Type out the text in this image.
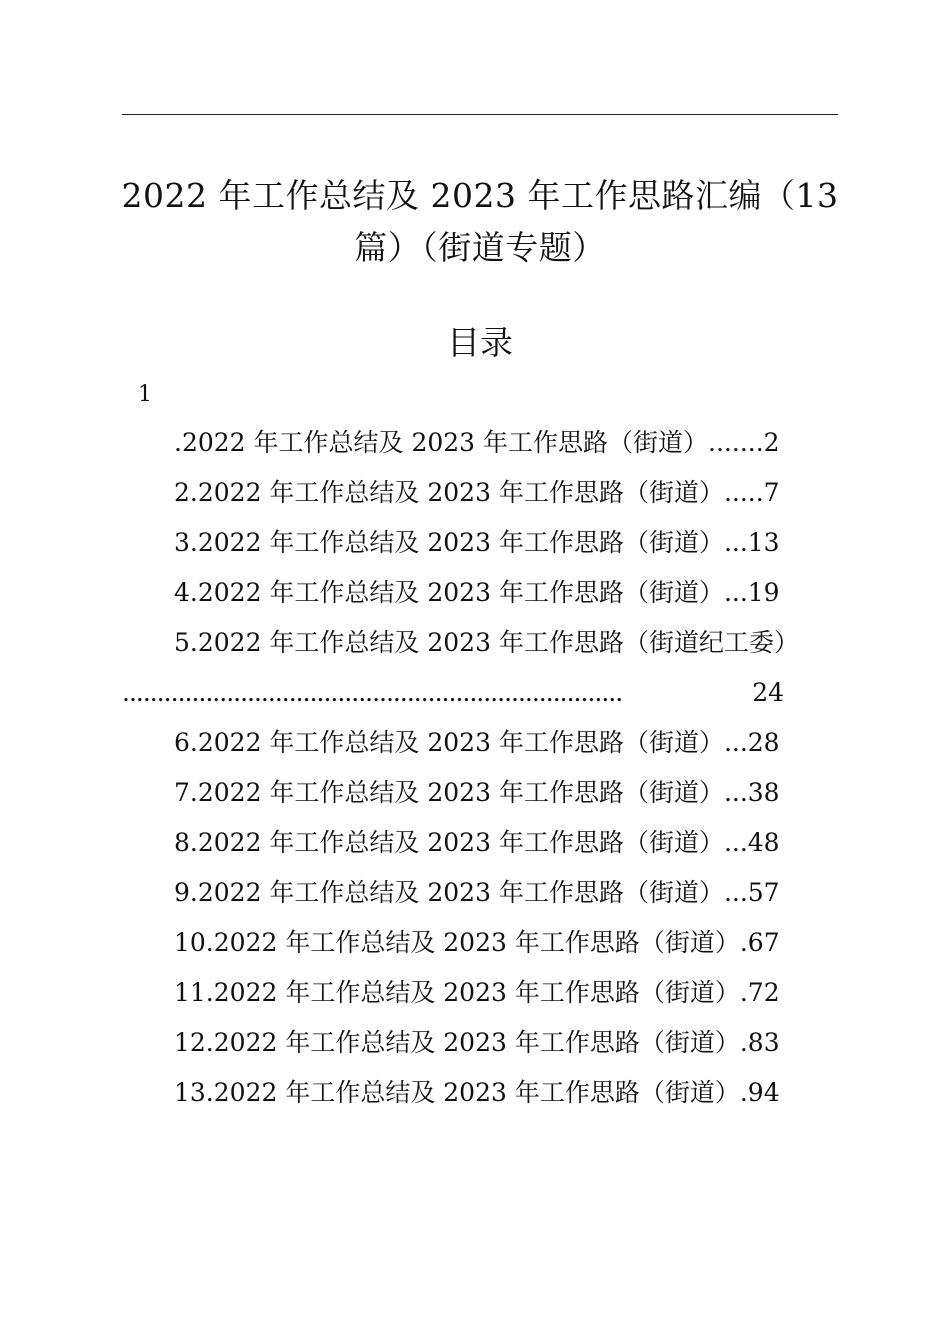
2022 年工作总结及 2023 年工作思路汇编（13
篇）（街道专题）
目录
1
.2022 年工作总结及 2023 年工作思路（街道）.......2
2.2022 年工作总结及 2023 年工作思路（街道）.....7
3.2022 年工作总结及 2023 年工作思路（街道）...13
4.2022 年工作总结及 2023 年工作思路（街道）...19
5.2022 年工作总结及 2023 年工作思路（街道纪工委）
........................................................................	24
6.2022 年工作总结及 2023 年工作思路（街道）...28
7.2022 年工作总结及 2023 年工作思路（街道）...38
8.2022 年工作总结及 2023 年工作思路（街道）...48
9.2022 年工作总结及 2023 年工作思路（街道）...57
10.2022 年工作总结及 2023 年工作思路（街道）.67
11.2022 年工作总结及 2023 年工作思路（街道）.72
12.2022 年工作总结及 2023 年工作思路（街道）.83
13.2022 年工作总结及 2023 年工作思路（街道）.94
